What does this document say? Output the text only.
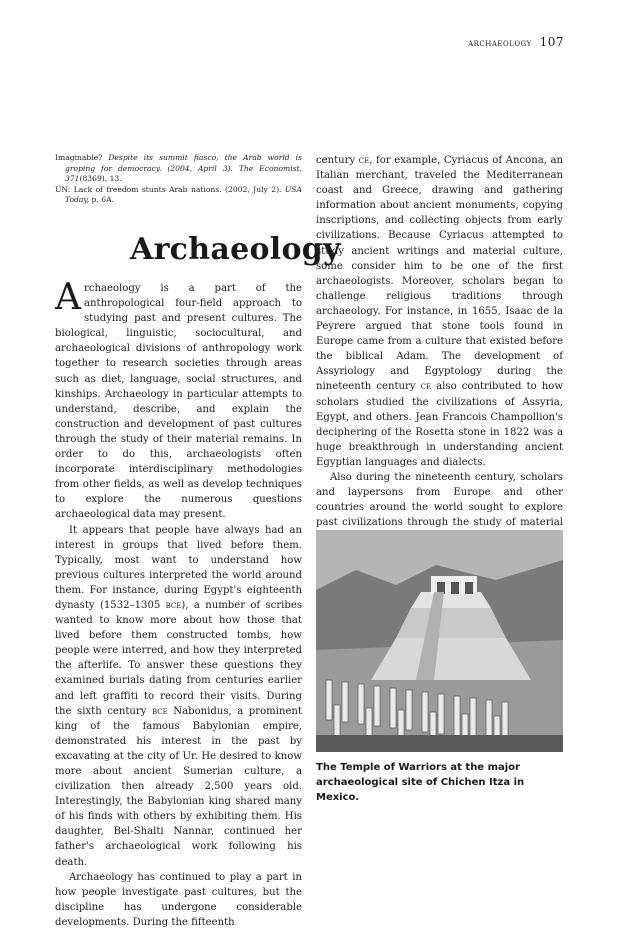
archaeology 107

Imaginable? Despite its summit fiasco, the Arab world is groping for democracy. (2004, April 3). The Economist, 371(8369), 13.

UN: Lack of freedom stunts Arab nations. (2002, July 2). USA Today, p. 6A.

Archaeology

Archaeology is a part of the anthropological four-field approach to studying past and present cultures. The biological, linguistic, sociocultural, and archaeological divisions of anthropology work together to research societies through areas such as diet, language, social structures, and kinships. Archaeology in particular attempts to understand, describe, and explain the construction and development of past cultures through the study of their material remains. In order to do this, archaeologists often incorporate interdisciplinary methodologies from other fields, as well as develop techniques to explore the numerous questions archaeological data may present.

It appears that people have always had an interest in groups that lived before them. Typically, most want to understand how previous cultures interpreted the world around them. For instance, during Egypt's eighteenth dynasty (1532–1305 bce), a number of scribes wanted to know more about how those that lived before them constructed tombs, how people were interred, and how they interpreted the afterlife. To answer these questions they examined burials dating from centuries earlier and left graffiti to record their visits. During the sixth century bce Nabonidus, a prominent king of the famous Babylonian empire, demonstrated his interest in the past by excavating at the city of Ur. He desired to know more about ancient Sumerian culture, a civilization then already 2,500 years old. Interestingly, the Babylonian king shared many of his finds with others by exhibiting them. His daughter, Bel-Shalti Nannar, continued her father's archaeological work following his death.

Archaeology has continued to play a part in how people investigate past cultures, but the discipline has undergone considerable developments. During the fifteenth

century ce, for example, Cyriacus of Ancona, an Italian merchant, traveled the Mediterranean coast and Greece, drawing and gathering information about ancient monuments, copying inscriptions, and collecting objects from early civilizations. Because Cyriacus attempted to study ancient writings and material culture, some consider him to be one of the first archaeologists. Moreover, scholars began to challenge religious traditions through archaeology. For instance, in 1655, Isaac de la Peyrere argued that stone tools found in Europe came from a culture that existed before the biblical Adam. The development of Assyriology and Egyptology during the nineteenth century ce also contributed to how scholars studied the civilizations of Assyria, Egypt, and others. Jean Francois Champollion's deciphering of the Rosetta stone in 1822 was a huge breakthrough in understanding ancient Egyptian languages and dialects.

Also during the nineteenth century, scholars and laypersons from Europe and other countries around the world sought to explore past civilizations through the study of material

The Temple of Warriors at the major archaeological site of Chichen Itza in Mexico.
